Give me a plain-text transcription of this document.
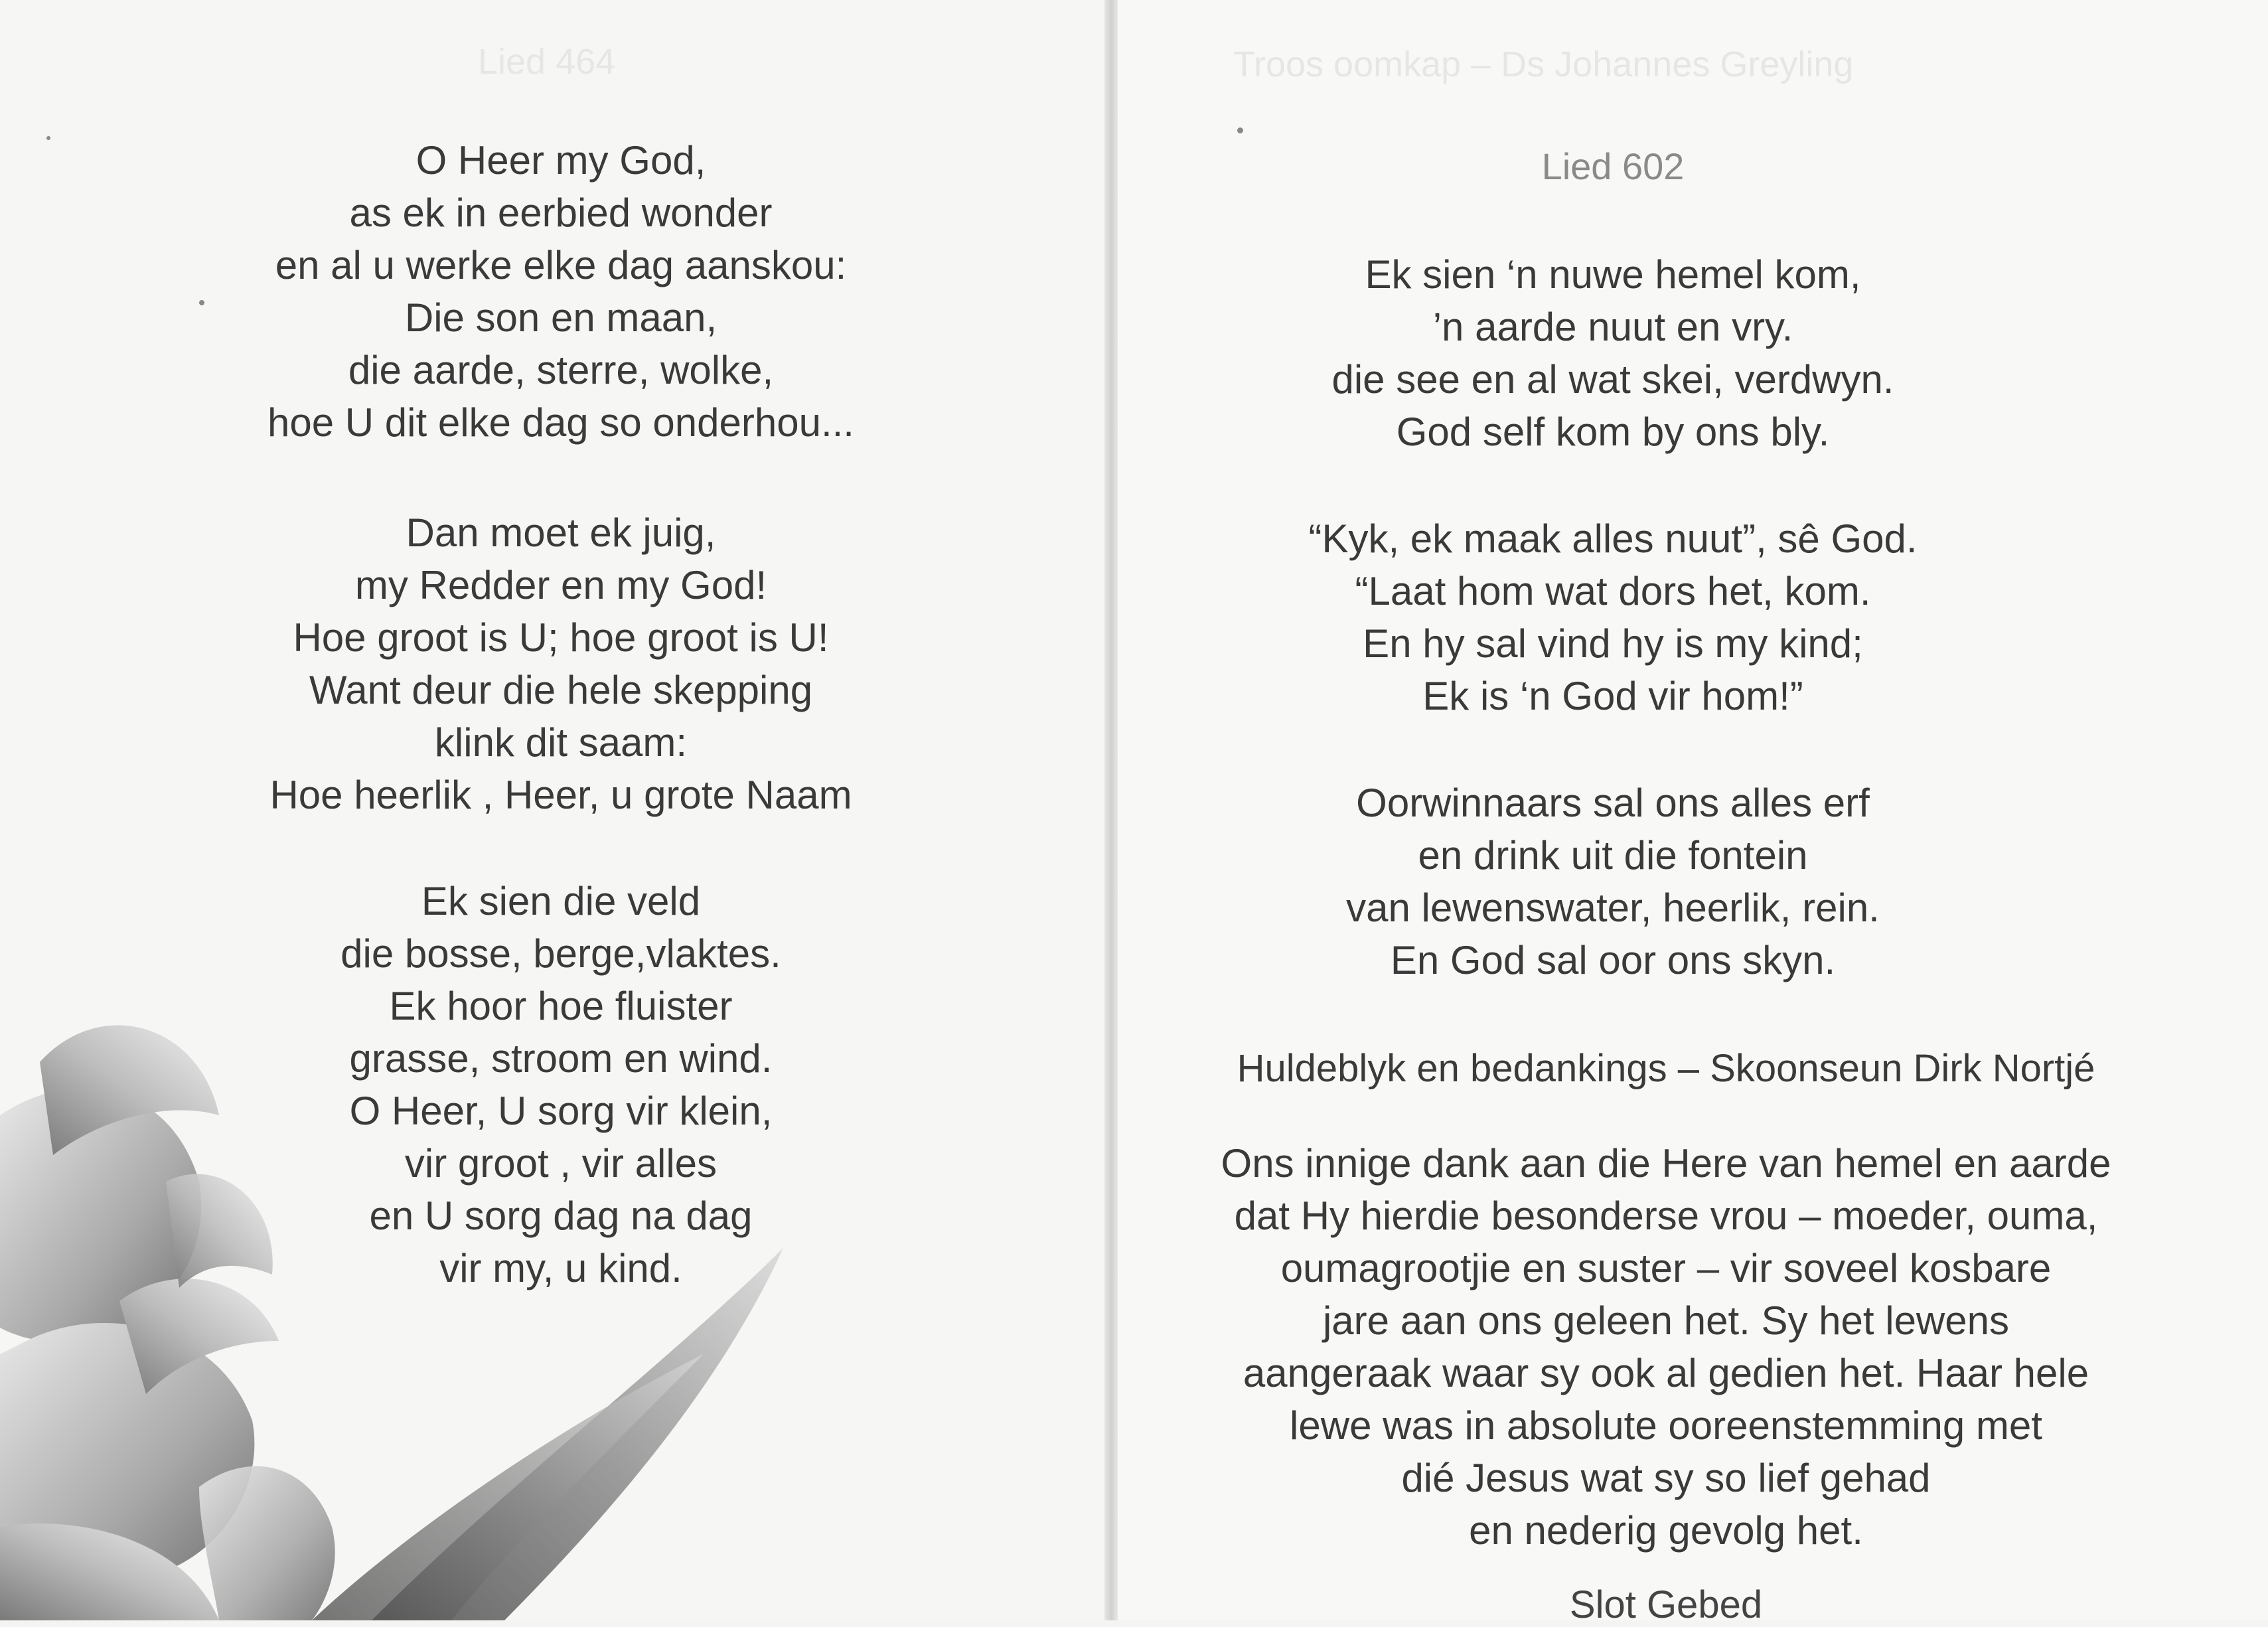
Lied 464
O Heer my God,
as ek in eerbied wonder
en al u werke elke dag aanskou:
Die son en maan,
die aarde, sterre, wolke,
hoe U dit elke dag so onderhou...
Dan moet ek juig,
my Redder en my God!
Hoe groot is U; hoe groot is U!
Want deur die hele skepping
klink dit saam:
Hoe heerlik , Heer, u grote Naam
Ek sien die veld
die bosse, berge,vlaktes.
Ek hoor hoe fluister
grasse, stroom en wind.
O Heer, U sorg vir klein,
vir groot , vir alles
en U sorg dag na dag
vir my, u kind.
Troos oomkap – Ds Johannes Greyling
Lied 602
Ek sien ‘n nuwe hemel kom,
’n aarde nuut en vry.
die see en al wat skei, verdwyn.
God self kom by ons bly.
“Kyk, ek maak alles nuut”, sê God.
“Laat hom wat dors het, kom.
En hy sal vind hy is my kind;
Ek is ‘n God vir hom!”
Oorwinnaars sal ons alles erf
en drink uit die fontein
van lewenswater, heerlik, rein.
En God sal oor ons skyn.
Huldeblyk en bedankings – Skoonseun Dirk Nortjé
Ons innige dank aan die Here van hemel en aarde
dat Hy hierdie besonderse vrou – moeder, ouma,
oumagrootjie en suster – vir soveel kosbare
jare aan ons geleen het. Sy het lewens
aangeraak waar sy ook al gedien het. Haar hele
lewe was in absolute ooreenstemming met
dié Jesus wat sy so lief gehad
en nederig gevolg het.
Slot Gebed
